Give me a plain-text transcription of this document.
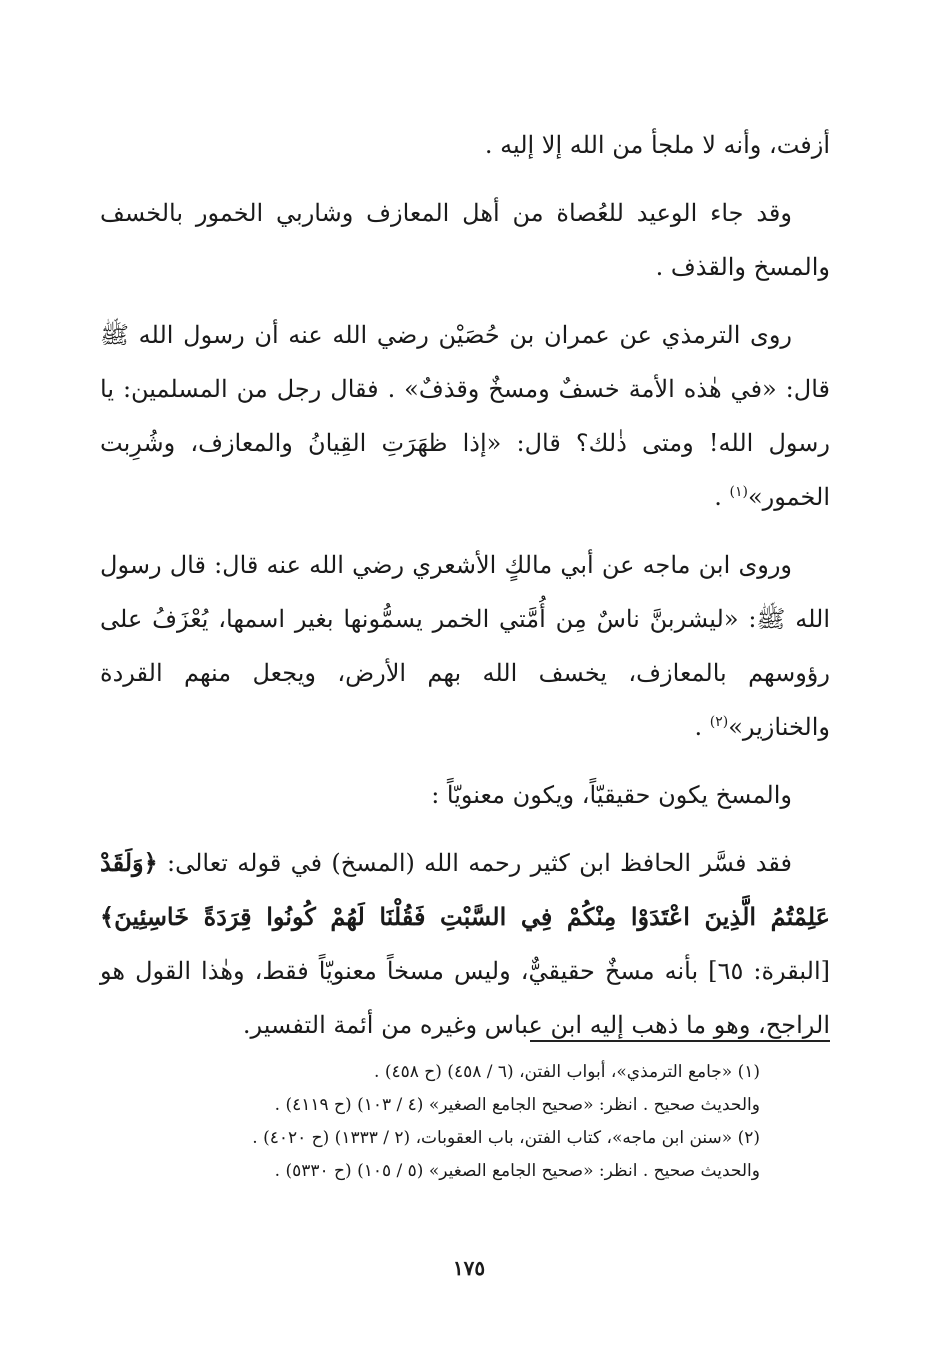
أزفت، وأنه لا ملجأ من الله إلا إليه .

وقد جاء الوعيد للعُصاة من أهل المعازف وشاربي الخمور بالخسف والمسخ والقذف .

روى الترمذي عن عمران بن حُصَيْن رضي الله عنه أن رسول الله ﷺ قال: «في هٰذه الأمة خسفٌ ومسخٌ وقذفٌ» . فقال رجل من المسلمين: يا رسول الله! ومتى ذٰلك؟ قال: «إذا ظهَرَتِ القِيانُ والمعازف، وشُرِبت الخمور»$^{(١)}$ .

وروى ابن ماجه عن أبي مالكٍ الأشعري رضي الله عنه قال: قال رسول الله ﷺ: «ليشربنَّ ناسٌ مِن أُمَّتي الخمر يسمُّونها بغير اسمها، يُعْزَفُ على رؤوسهم بالمعازف، يخسف الله بهم الأرض، ويجعل منهم القردة والخنازير»$^{(٢)}$ .

والمسخ يكون حقيقيّاً، ويكون معنويّاً :

فقد فسَّر الحافظ ابن كثير رحمه الله (المسخ) في قوله تعالى: ﴿وَلَقَدْ عَلِمْتُمُ الَّذِينَ اعْتَدَوْا مِنْكُمْ فِي السَّبْتِ فَقُلْنَا لَهُمْ كُونُوا قِرَدَةً خَاسِئِينَ﴾ [البقرة: ٦٥] بأنه مسخٌ حقيقيٌّ، وليس مسخاً معنويّاً فقط، وهٰذا القول هو الراجح، وهو ما ذهب إليه ابن عباس وغيره من أئمة التفسير.

(١) «جامع الترمذي»، أبواب الفتن، (٦ / ٤٥٨) (ح ٤٥٨) .

والحديث صحيح . انظر: «صحيح الجامع الصغير» (٤ / ١٠٣) (ح ٤١١٩) .

(٢) «سنن ابن ماجه»، كتاب الفتن، باب العقوبات، (٢ / ١٣٣٣) (ح ٤٠٢٠) .

والحديث صحيح . انظر: «صحيح الجامع الصغير» (٥ / ١٠٥) (ح ٥٣٣٠) .

١٧٥
